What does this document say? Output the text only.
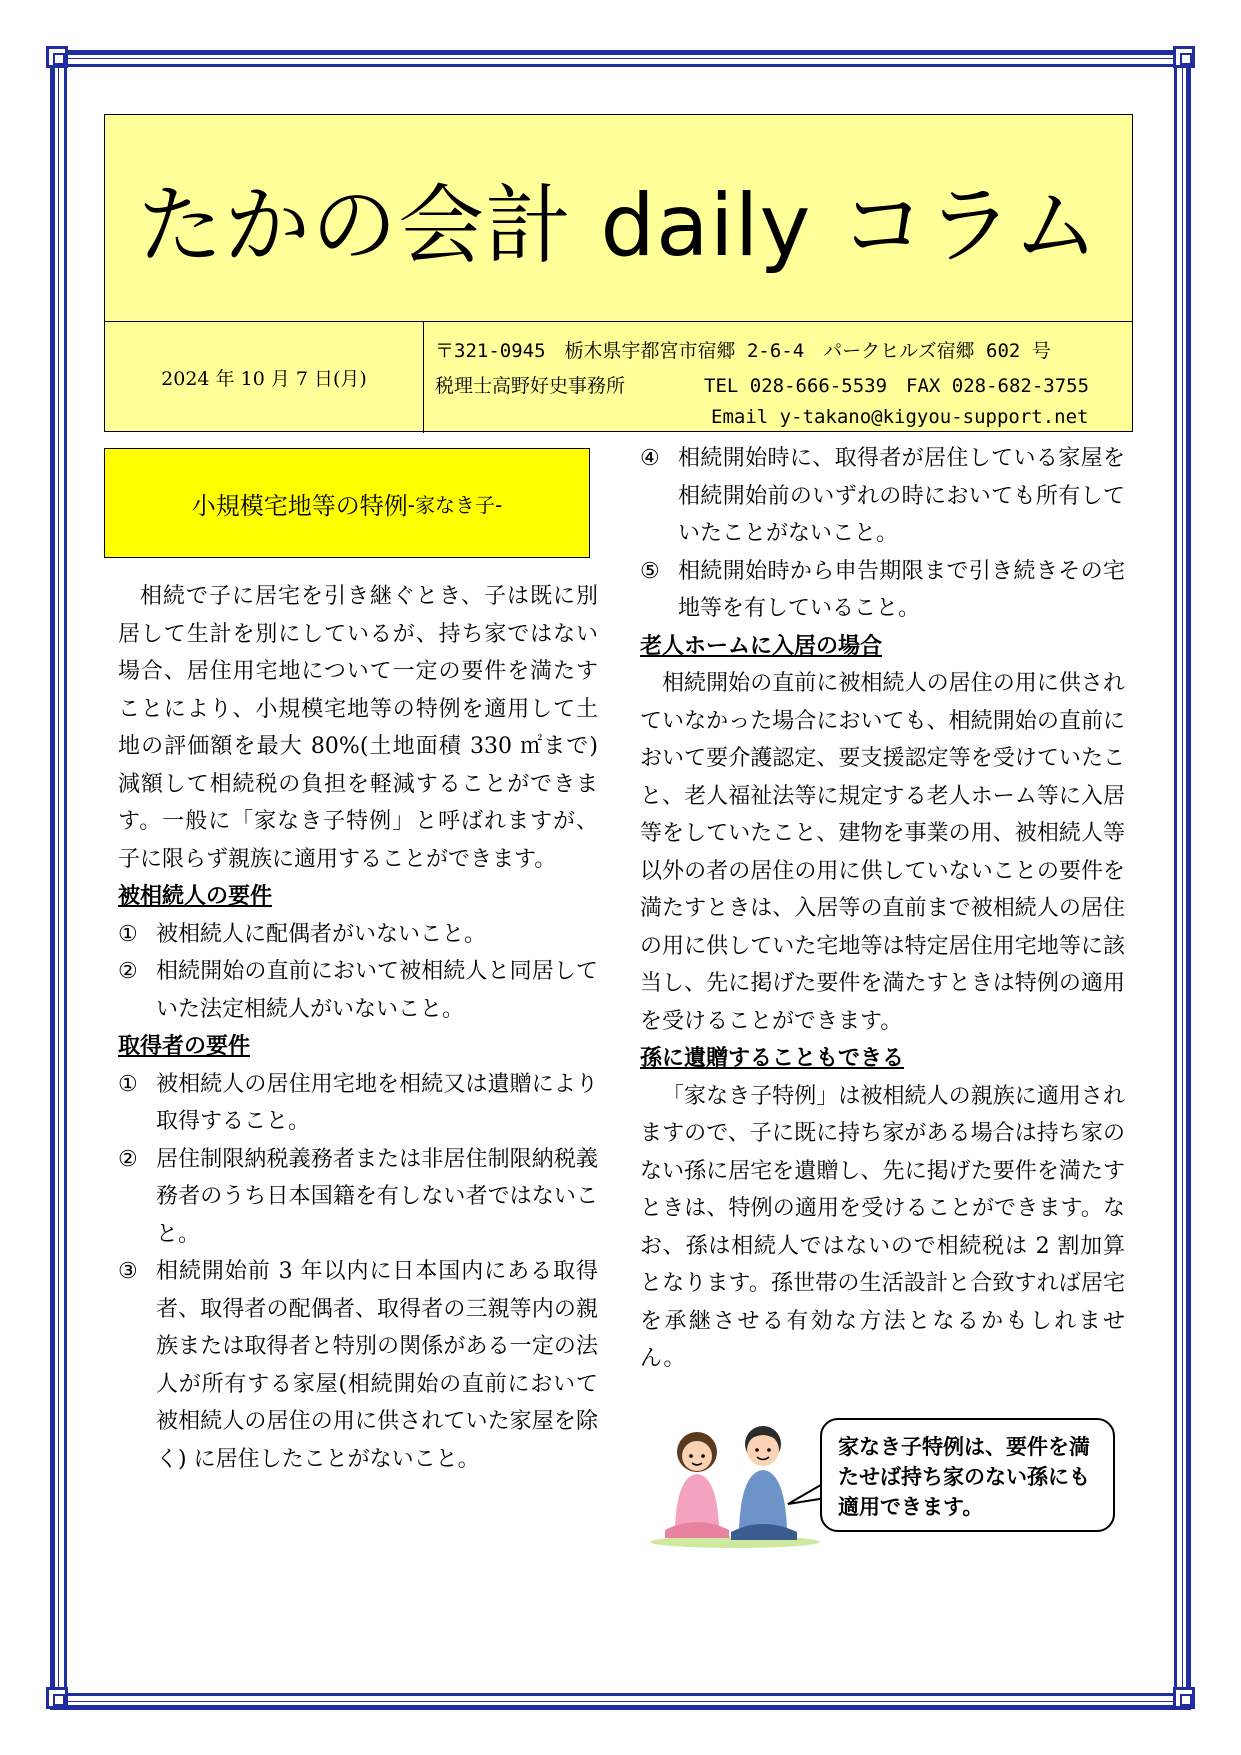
たかの会計 daily コラム
2024 年 10 月 7 日(月)
〒321-0945　栃木県宇都宮市宿郷 2-6-4　パークヒルズ宿郷 602 号
税理士高野好史事務所	TEL 028-666-5539　FAX 028-682-3755
Email y-takano@kigyou-support.net
小規模宅地等の特例 -家なき子-

相続で子に居宅を引き継ぐとき、子は既に別居して生計を別にしているが、持ち家ではない場合、居住用宅地について一定の要件を満たすことにより、小規模宅地等の特例を適用して土地の評価額を最大 80%(土地面積 330 ㎡まで) 減額して相続税の負担を軽減することができます。一般に「家なき子特例」と呼ばれますが、子に限らず親族に適用することができます。

被相続人の要件

① 被相続人に配偶者がいないこと。
② 相続開始の直前において被相続人と同居していた法定相続人がいないこと。

取得者の要件

① 被相続人の居住用宅地を相続又は遺贈により取得すること。
② 居住制限納税義務者または非居住制限納税義務者のうち日本国籍を有しない者ではないこと。
③ 相続開始前 3 年以内に日本国内にある取得者、取得者の配偶者、取得者の三親等内の親族または取得者と特別の関係がある一定の法人が所有する家屋(相続開始の直前において被相続人の居住の用に供されていた家屋を除く) に居住したことがないこと。
④ 相続開始時に、取得者が居住している家屋を相続開始前のいずれの時においても所有していたことがないこと。
⑤ 相続開始時から申告期限まで引き続きその宅地等を有していること。

老人ホームに入居の場合

相続開始の直前に被相続人の居住の用に供されていなかった場合においても、相続開始の直前において要介護認定、要支援認定等を受けていたこと、老人福祉法等に規定する老人ホーム等に入居等をしていたこと、建物を事業の用、被相続人等以外の者の居住の用に供していないことの要件を満たすときは、入居等の直前まで被相続人の居住の用に供していた宅地等は特定居住用宅地等に該当し、先に掲げた要件を満たすときは特例の適用を受けることができます。

孫に遺贈することもできる

「家なき子特例」は被相続人の親族に適用されますので、子に既に持ち家がある場合は持ち家のない孫に居宅を遺贈し、先に掲げた要件を満たすときは、特例の適用を受けることができます。なお、孫は相続人ではないので相続税は 2 割加算となります。孫世帯の生活設計と合致すれば居宅を承継させる有効な方法となるかもしれません。

家なき子特例は、要件を満たせば持ち家のない孫にも適用できます。
